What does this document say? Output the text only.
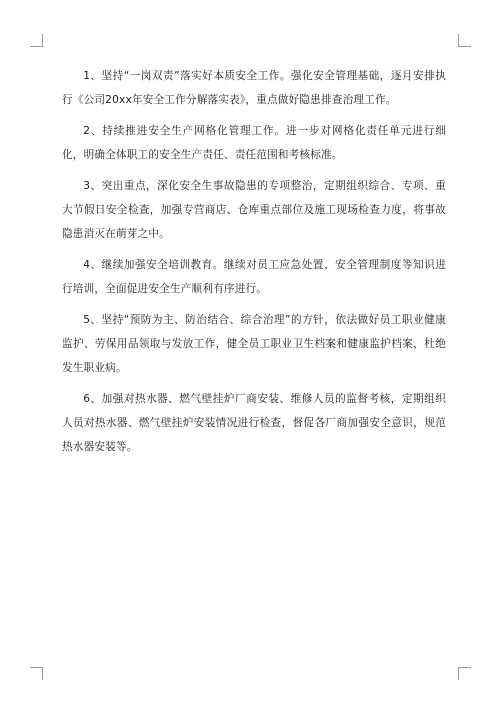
1、坚持“一岗双责”落实好本质安全工作。强化安全管理基础，逐月安排执行《公司20xx年安全工作分解落实表》，重点做好隐患排查治理工作。

2、持续推进安全生产网格化管理工作。进一步对网格化责任单元进行细化，明确全体职工的安全生产责任、责任范围和考核标准。

3、突出重点，深化安全生事故隐患的专项整治，定期组织综合、专项、重大节假日安全检查，加强专营商店、仓库重点部位及施工现场检查力度，将事故隐患消灭在萌芽之中。

4、继续加强安全培训教育。继续对员工应急处置、安全管理制度等知识进行培训，全面促进安全生产顺利有序进行。

5、坚持“预防为主、防治结合、综合治理”的方针，依法做好员工职业健康监护、劳保用品领取与发放工作，健全员工职业卫生档案和健康监护档案，杜绝发生职业病。

6、加强对热水器、燃气壁挂炉厂商安装、维修人员的监督考核，定期组织人员对热水器、燃气壁挂炉安装情况进行检查，督促各厂商加强安全意识，规范热水器安装等。
